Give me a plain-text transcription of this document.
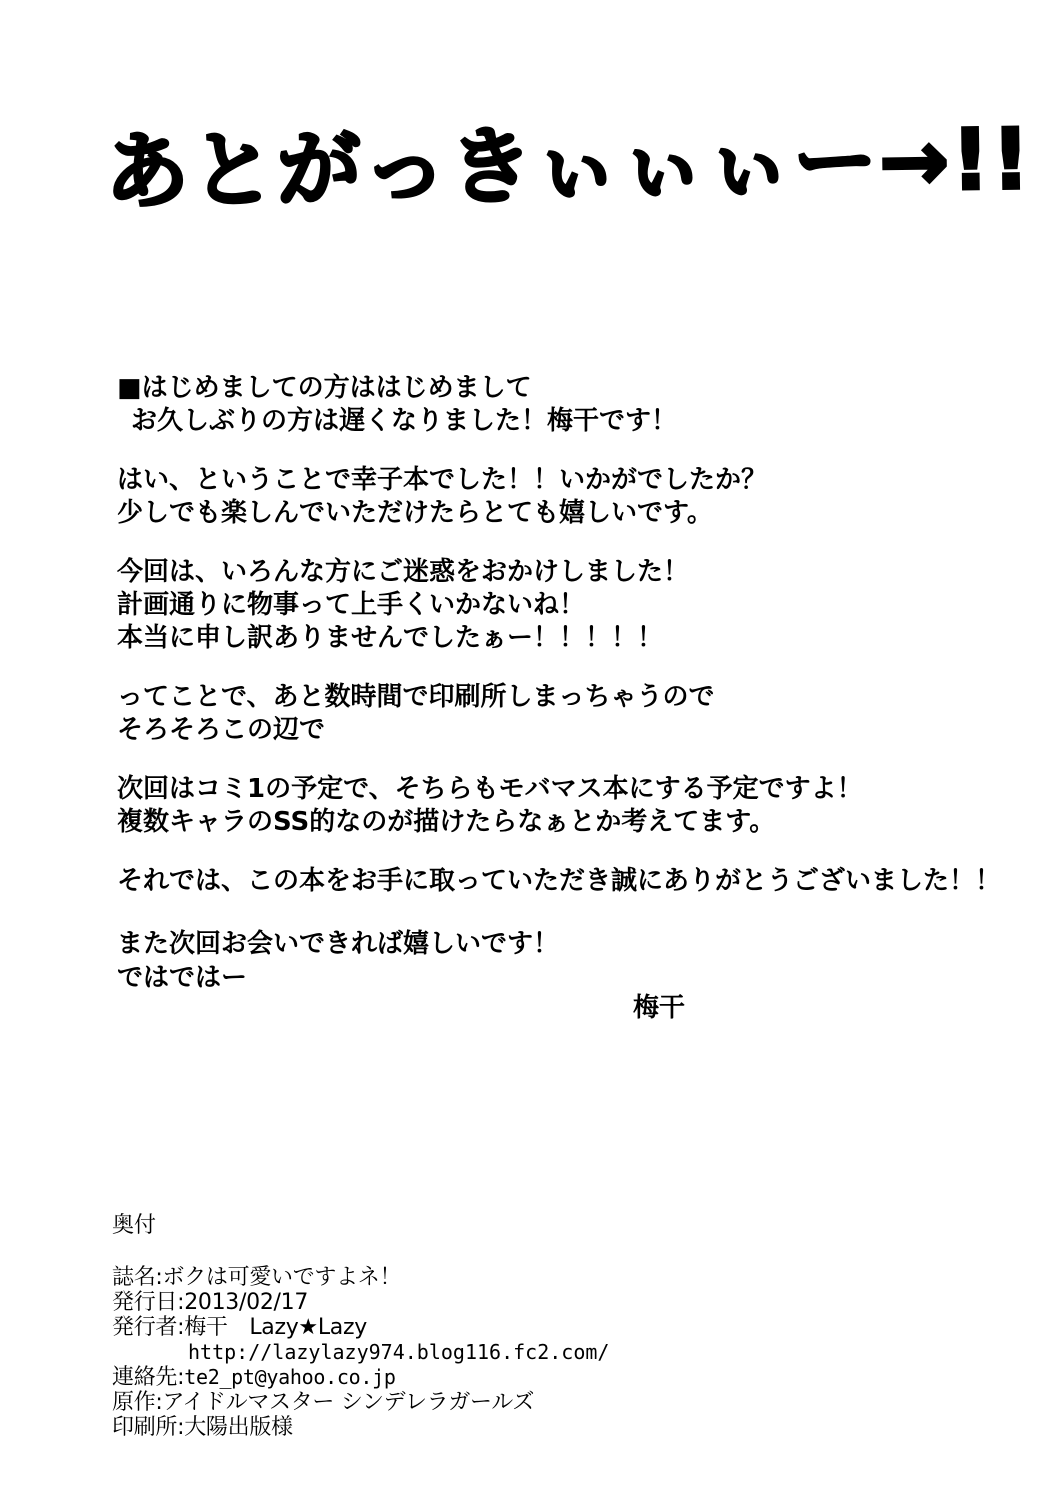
あとがっきぃぃぃー→!!
■はじめましての方ははじめまして
お久しぶりの方は遅くなりました！梅干です！
はい、ということで幸子本でした！！いかがでしたか？
少しでも楽しんでいただけたらとても嬉しいです。
今回は、いろんな方にご迷惑をおかけしました！
計画通りに物事って上手くいかないね！
本当に申し訳ありませんでしたぁー！！！！！
ってことで、あと数時間で印刷所しまっちゃうので
そろそろこの辺で
次回はコミ1の予定で、そちらもモバマス本にする予定ですよ！
複数キャラのSS的なのが描けたらなぁとか考えてます。
それでは、この本をお手に取っていただき誠にありがとうございました！！
また次回お会いできれば嬉しいです！
ではではー
梅干
奥付
誌名:ボクは可愛いですよネ！
発行日:2013/02/17
発行者:梅干　Lazy★Lazy
http://lazylazy974.blog116.fc2.com/
連絡先:te2_pt@yahoo.co.jp
原作:アイドルマスター シンデレラガールズ
印刷所:大陽出版様
